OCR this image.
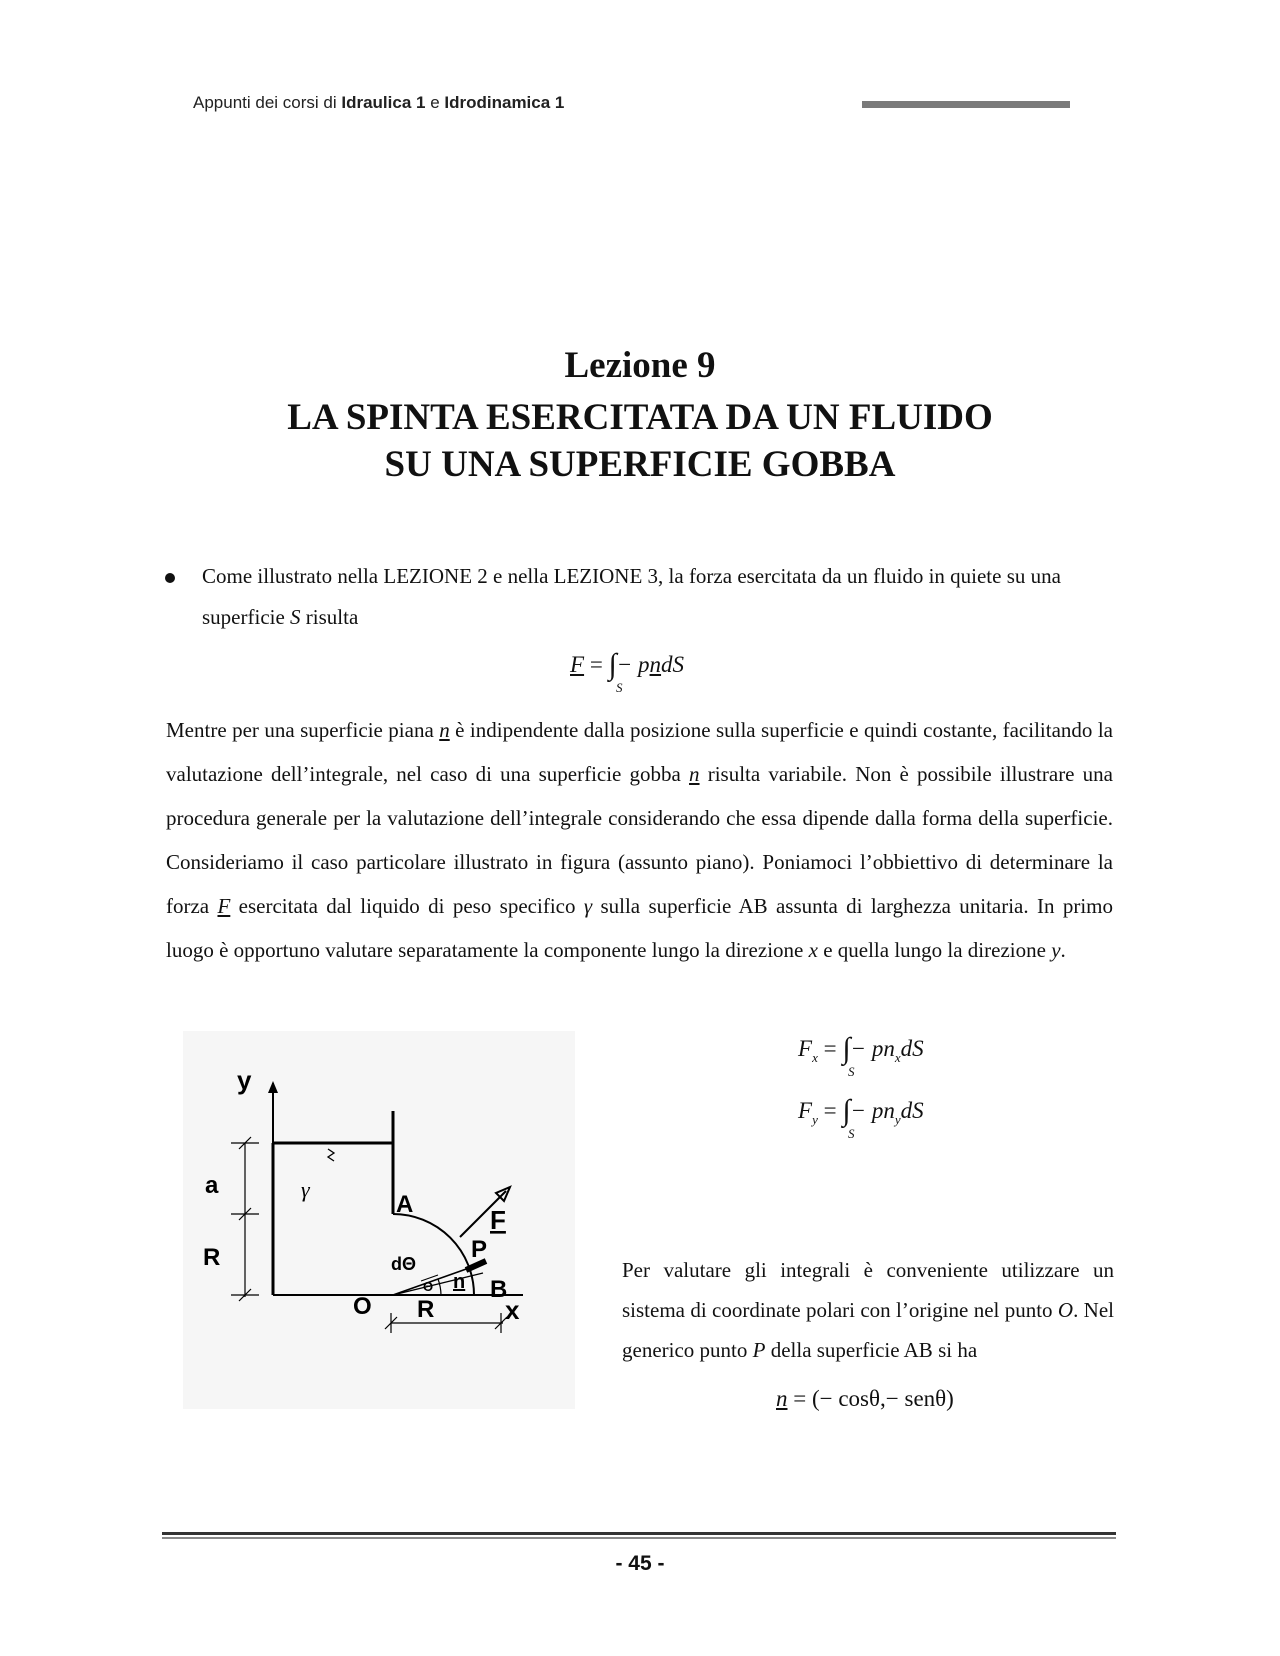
Appunti dei corsi di Idraulica 1 e Idrodinamica 1
Lezione 9
LA SPINTA ESERCITATA DA UN FLUIDO
SU UNA SUPERFICIE GOBBA
Come illustrato nella LEZIONE 2 e nella LEZIONE 3, la forza esercitata da un fluido in quiete su una superficie S risulta
F = ∫− pndS
S

Mentre per una superficie piana n è indipendente dalla posizione sulla superficie e quindi costante, facilitando la valutazione dell’integrale, nel caso di una superficie gobba n risulta variabile. Non è possibile illustrare una procedura generale per la valutazione dell’integrale considerando che essa dipende dalla forma della superficie. Consideriamo il caso particolare illustrato in figura (assunto piano). Poniamoci l’obbiettivo di determinare la forza F esercitata dal liquido di peso specifico γ sulla superficie AB assunta di larghezza unitaria. In primo luogo è opportuno valutare separatamente la componente lungo la direzione x e quella lungo la direzione y.

$F_x$ = ∫− $pn_xdS$
S
$F_y$ = ∫− $pn_ydS$
S
y
x
a
R
γ
A
B
O
P
F
n
dΘ
Θ
R
Per valutare gli integrali è conveniente utilizzare un sistema di coordinate polari con l’origine nel punto O. Nel generico punto P della superficie AB si ha
n = (− cosθ,− senθ)
- 45 -
